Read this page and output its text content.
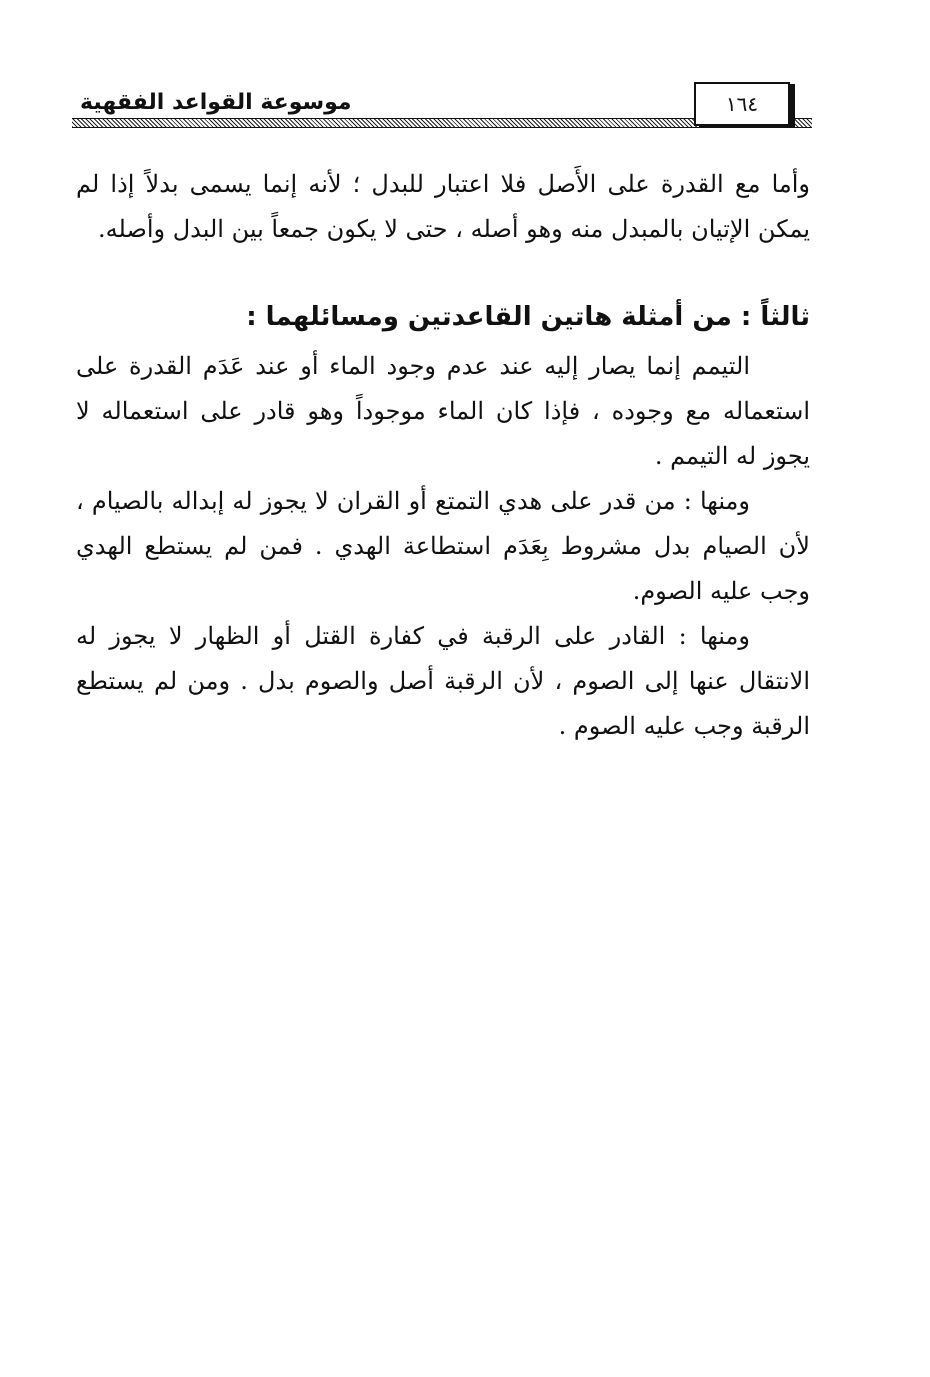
موسوعة القواعد الفقهية	١٦٤

وأما مع القدرة على الأَصل فلا اعتبار للبدل ؛ لأنه إنما يسمى بدلاً إذا لم يمكن الإتيان بالمبدل منه وهو أصله ، حتى لا يكون جمعاً بين البدل وأصله.

ثالثاً : من أمثلة هاتين القاعدتين ومسائلهما :

التيمم إنما يصار إليه عند عدم وجود الماء أو عند عَدَم القدرة على استعماله مع وجوده ، فإذا كان الماء موجوداً وهو قادر على استعماله لا يجوز له التيمم .

ومنها : من قدر على هدي التمتع أو القران لا يجوز له إبداله بالصيام ، لأن الصيام بدل مشروط بِعَدَم استطاعة الهدي . فمن لم يستطع الهدي وجب عليه الصوم.

ومنها : القادر على الرقبة في كفارة القتل أو الظهار لا يجوز له الانتقال عنها إلى الصوم ، لأن الرقبة أصل والصوم بدل . ومن لم يستطع الرقبة وجب عليه الصوم .
